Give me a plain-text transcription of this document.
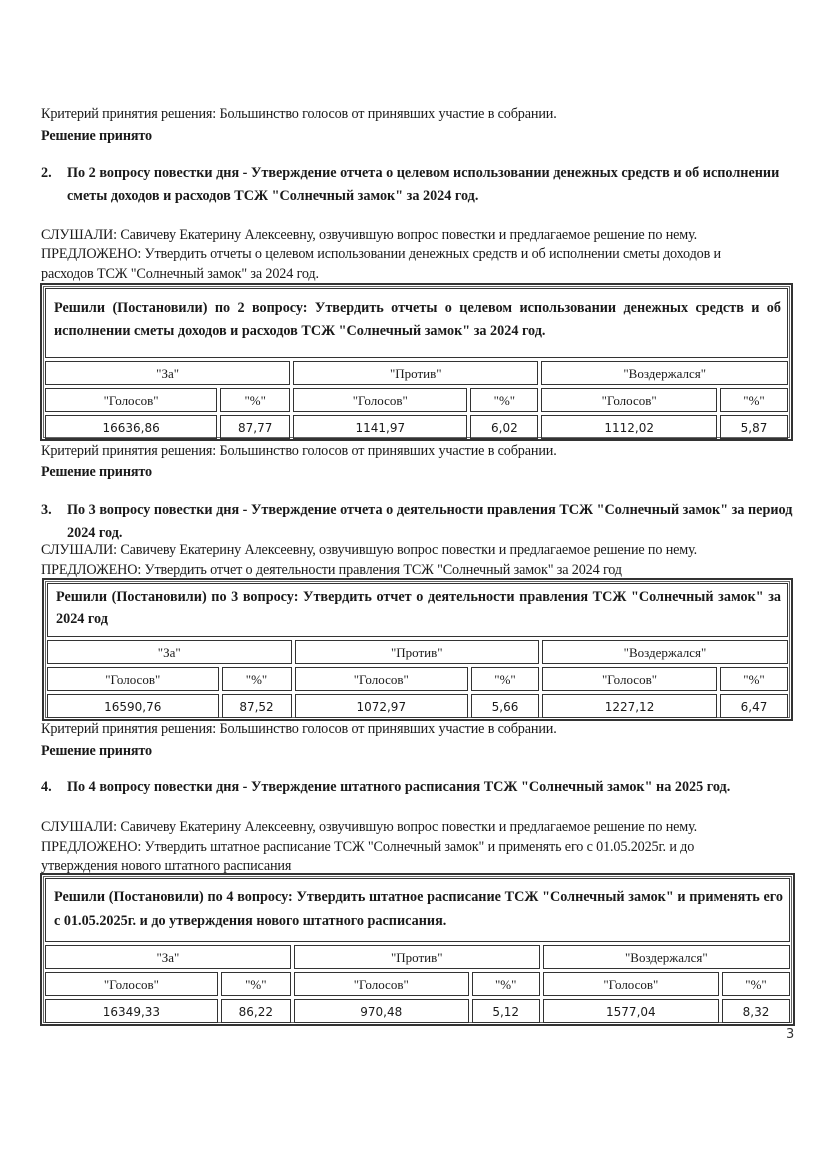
Критерий принятия решения: Большинство голосов от принявших участие в собрании.
Решение принято
2.	По 2 вопросу повестки дня - Утверждение отчета о целевом использовании денежных средств и об исполнении сметы доходов и расходов ТСЖ "Солнечный замок" за 2024 год.
СЛУШАЛИ: Савичеву Екатерину Алексеевну, озвучившую вопрос повестки и предлагаемое решение по нему.
ПРЕДЛОЖЕНО: Утвердить отчеты о целевом использовании денежных средств и об исполнении сметы доходов и
расходов ТСЖ "Солнечный замок" за 2024 год.
Решили (Постановили) по 2 вопросу: Утвердить отчеты о целевом использовании денежных средств и об исполнении сметы доходов и расходов ТСЖ "Солнечный замок" за 2024 год.
"За"	"Против"	"Воздержался"
"Голосов"	"%"	"Голосов"	"%"	"Голосов"	"%"
16636,86	87,77	1141,97	6,02	1112,02	5,87
Критерий принятия решения: Большинство голосов от принявших участие в собрании.
Решение принято
3.	По 3 вопросу повестки дня - Утверждение отчета о деятельности правления ТСЖ "Солнечный замок" за период 2024 год.
СЛУШАЛИ: Савичеву Екатерину Алексеевну, озвучившую вопрос повестки и предлагаемое решение по нему.
ПРЕДЛОЖЕНО: Утвердить отчет о деятельности правления ТСЖ "Солнечный замок" за 2024 год
Решили (Постановили) по 3 вопросу: Утвердить отчет о деятельности правления ТСЖ "Солнечный замок" за 2024 год
"За"	"Против"	"Воздержался"
"Голосов"	"%"	"Голосов"	"%"	"Голосов"	"%"
16590,76	87,52	1072,97	5,66	1227,12	6,47
Критерий принятия решения: Большинство голосов от принявших участие в собрании.
Решение принято
4.	По 4 вопросу повестки дня - Утверждение штатного расписания ТСЖ "Солнечный замок" на 2025 год.
СЛУШАЛИ: Савичеву Екатерину Алексеевну, озвучившую вопрос повестки и предлагаемое решение по нему.
ПРЕДЛОЖЕНО: Утвердить штатное расписание ТСЖ "Солнечный замок" и применять его с 01.05.2025г. и до
утверждения нового штатного расписания
Решили (Постановили) по 4 вопросу: Утвердить штатное расписание ТСЖ "Солнечный замок" и применять его с 01.05.2025г. и до утверждения нового штатного расписания.
"За"	"Против"	"Воздержался"
"Голосов"	"%"	"Голосов"	"%"	"Голосов"	"%"
16349,33	86,22	970,48	5,12	1577,04	8,32
3
